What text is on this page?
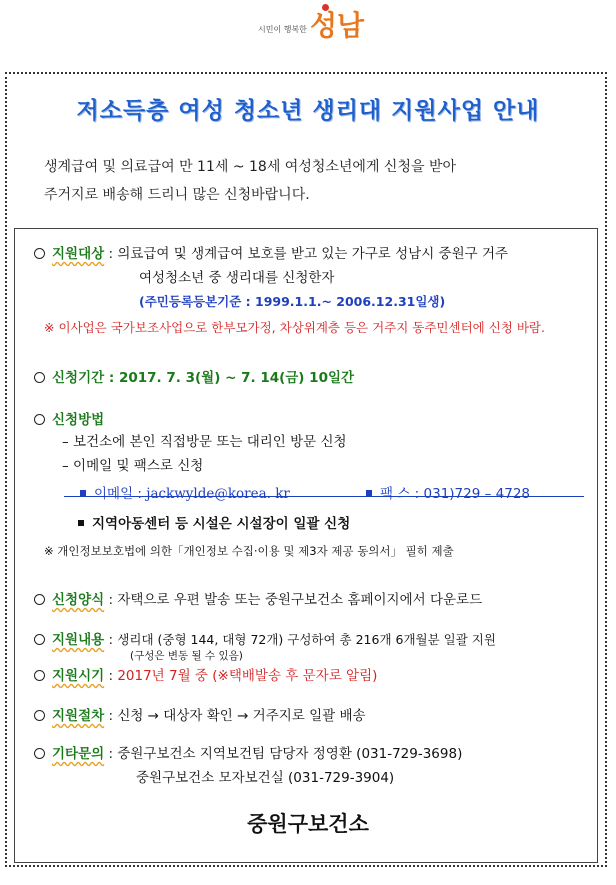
시민이 행복한 성남
저소득층 여성 청소년 생리대 지원사업 안내
생계급여 및 의료급여 만 11세 ~ 18세 여성청소년에게 신청을 받아
주거지로 배송해 드리니 많은 신청바랍니다.
지원대상 : 의료급여 및 생계급여 보호를 받고 있는 가구로 성남시 중원구 거주
여성청소년 중 생리대를 신청한자
(주민등록등본기준 : 1999.1.1.~ 2006.12.31일생)
※ 이사업은 국가보조사업으로 한부모가정, 차상위계층 등은 거주지 동주민센터에 신청 바람.
신청기간 : 2017. 7. 3(월) ~ 7. 14(금) 10일간
신청방법
– 보건소에 본인 직접방문 또는 대리인 방문 신청
– 이메일 및 팩스로 신청
이메일 : jackwylde@korea. kr	팩 스 : 031)729 – 4728
지역아동센터 등 시설은 시설장이 일괄 신청
※ 개인정보보호법에 의한「개인정보 수집·이용 및 제3자 제공 동의서」 필히 제출
신청양식 : 자택으로 우편 발송 또는 중원구보건소 홈페이지에서 다운로드
지원내용 : 생리대 (중형 144, 대형 72개) 구성하여 총 216개 6개월분 일괄 지원
(구성은 변동 될 수 있음)
지원시기 : 2017년 7월 중 (※택배발송 후 문자로 알림)
지원절차 : 신청 → 대상자 확인 → 거주지로 일괄 배송
기타문의 : 중원구보건소 지역보건팀 담당자 정영환 (031-729-3698)
중원구보건소 모자보건실 (031-729-3904)
중원구보건소
